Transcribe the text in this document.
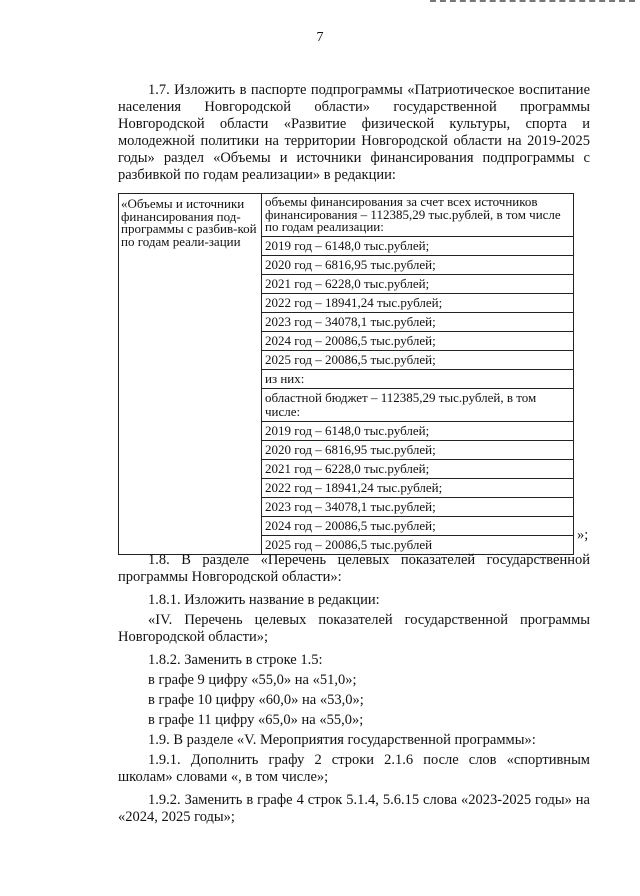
7
1.7. Изложить в паспорте подпрограммы «Патриотическое воспитание населения Новгородской области» государственной программы Новгородской области «Развитие физической культуры, спорта и молодежной политики на территории Новгородской области на 2019-2025 годы» раздел «Объемы и источники финансирования подпрограммы с разбивкой по годам реализации» в редакции:
«Объемы и источники финансирования под-программы с разбив-кой по годам реали-зации	
объемы финансирования за счет всех источников финансирования – 112385,29 тыс.рублей, в том числе по годам реализации:
2019 год – 6148,0 тыс.рублей;
2020 год – 6816,95 тыс.рублей;
2021 год – 6228,0 тыс.рублей;
2022 год – 18941,24 тыс.рублей;
2023 год – 34078,1 тыс.рублей;
2024 год – 20086,5 тыс.рублей;
2025 год – 20086,5 тыс.рублей;
из них:
областной бюджет – 112385,29 тыс.рублей, в том числе:
2019 год – 6148,0 тыс.рублей;
2020 год – 6816,95 тыс.рублей;
2021 год – 6228,0 тыс.рублей;
2022 год – 18941,24 тыс.рублей;
2023 год – 34078,1 тыс.рублей;
2024 год – 20086,5 тыс.рублей;
2025 год – 20086,5 тыс.рублей
»;
1.8. В разделе «Перечень целевых показателей государственной программы Новгородской области»:
1.8.1. Изложить название в редакции:
«IV. Перечень целевых показателей государственной программы Новгородской области»;
1.8.2. Заменить в строке 1.5:
в графе 9 цифру «55,0» на «51,0»;
в графе 10 цифру «60,0» на «53,0»;
в графе 11 цифру «65,0» на «55,0»;
1.9. В разделе «V. Мероприятия государственной программы»:
1.9.1. Дополнить графу 2 строки 2.1.6 после слов «спортивным школам» словами «, в том числе»;
1.9.2. Заменить в графе 4 строк 5.1.4, 5.6.15 слова «2023-2025 годы» на «2024, 2025 годы»;
